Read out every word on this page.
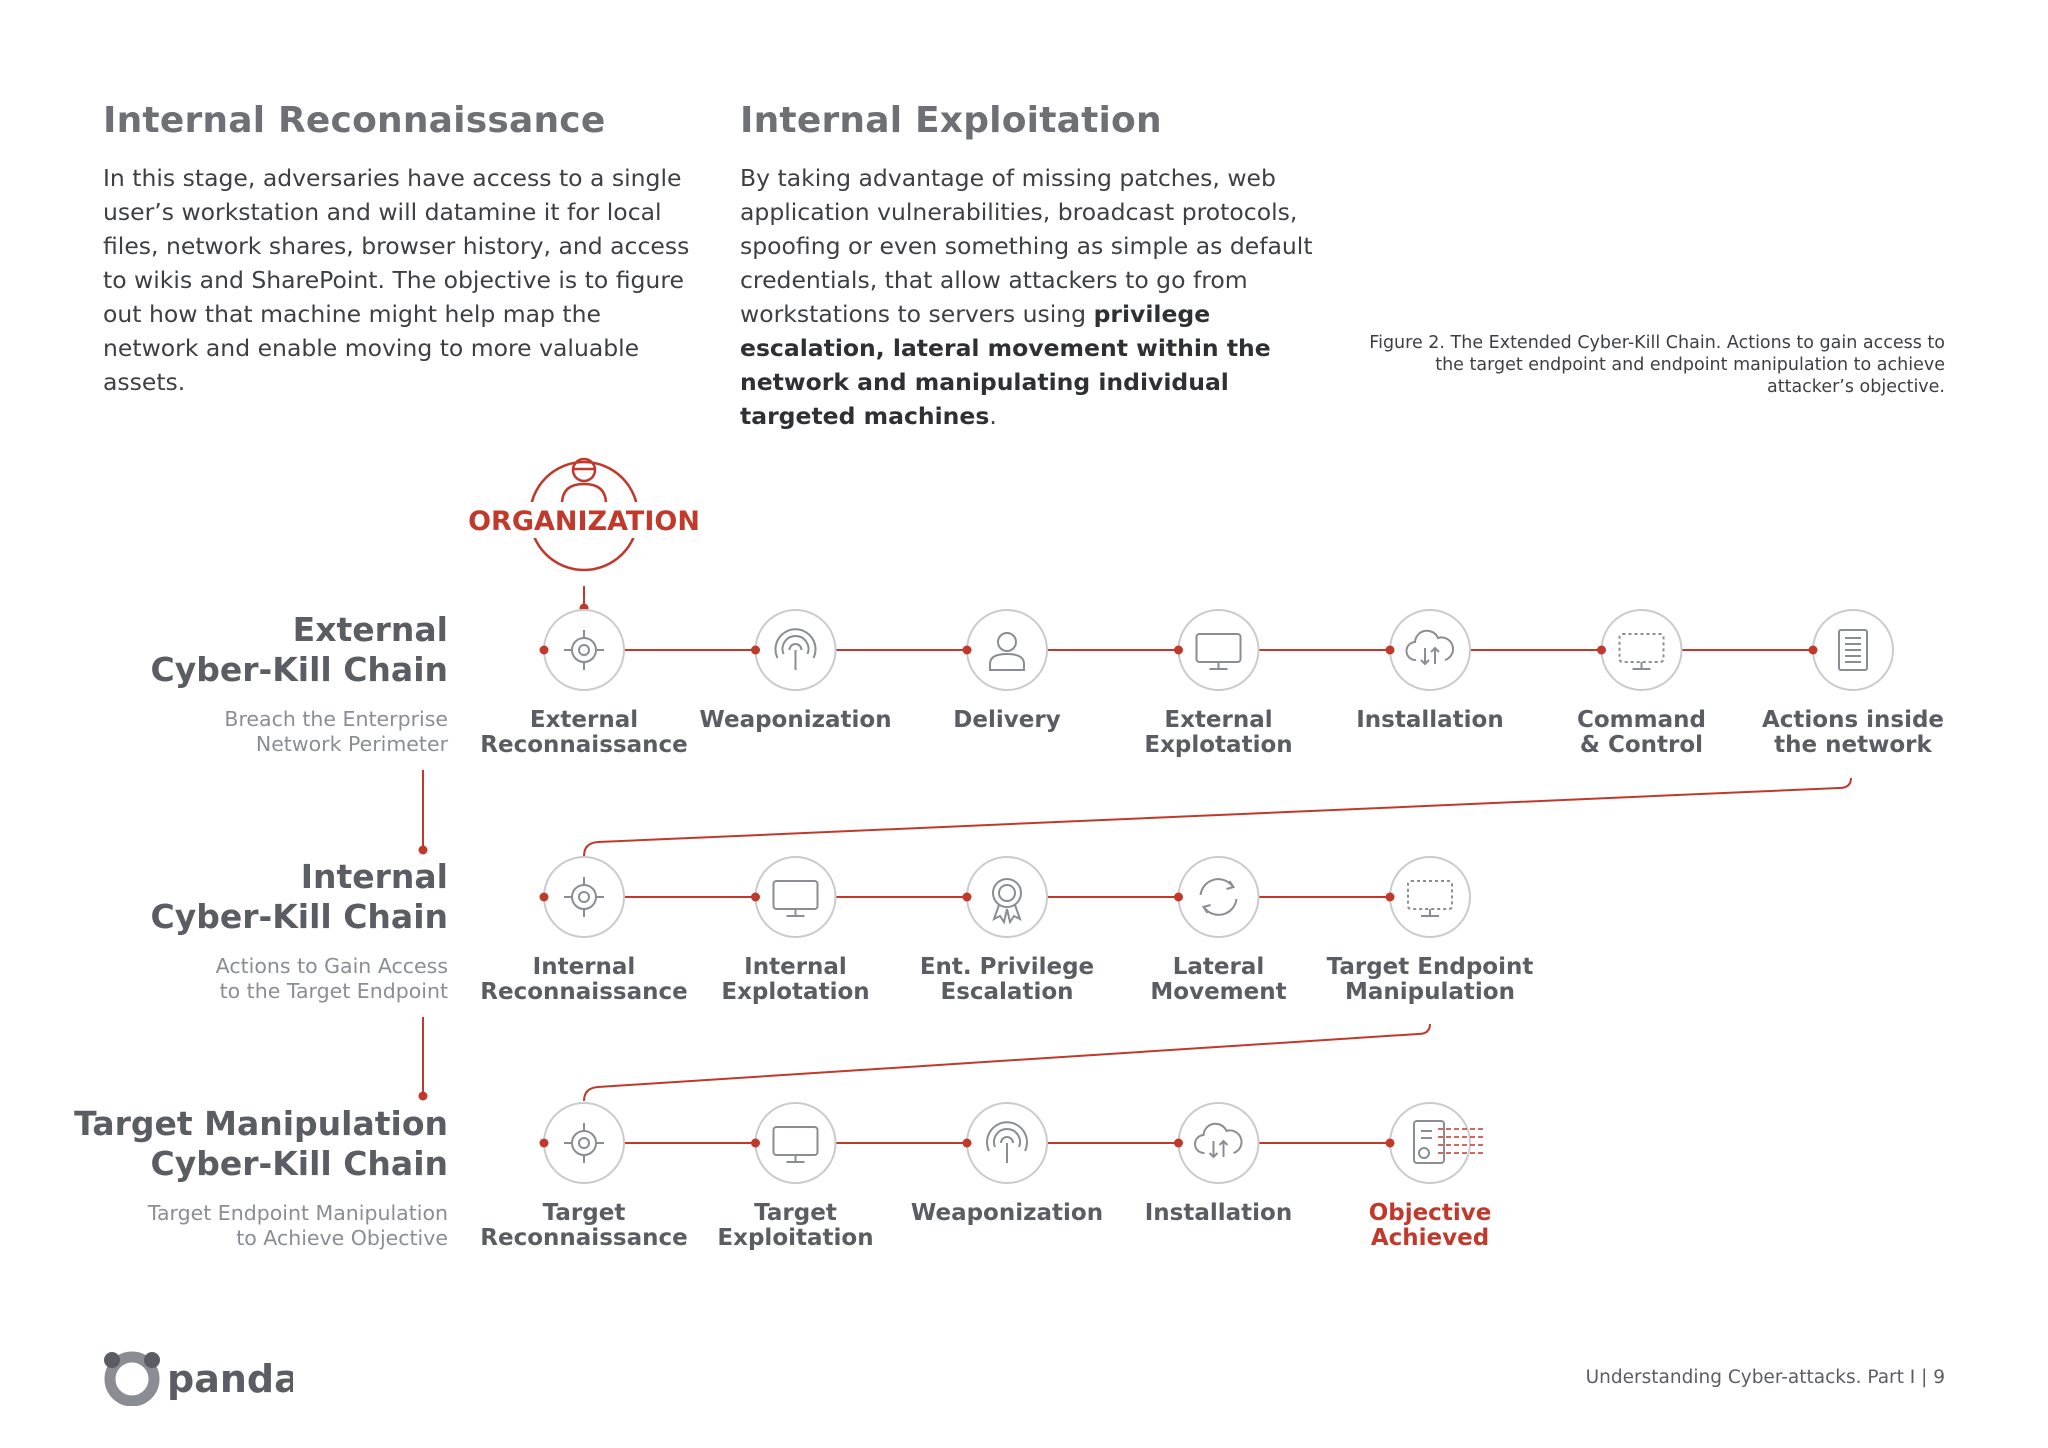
Internal Reconnaissance

In this stage, adversaries have access to a single user’s workstation and will datamine it for local files, network shares, browser history, and access to wikis and SharePoint. The objective is to figure out how that machine might help map the network and enable moving to more valuable assets.

Internal Exploitation

By taking advantage of missing patches, web application vulnerabilities, broadcast protocols, spoofing or even something as simple as default credentials, that allow attackers to go from workstations to servers using privilege escalation, lateral movement within the network and manipulating individual targeted machines.

Figure 2. The Extended Cyber-Kill Chain. Actions to gain access to the target endpoint and endpoint manipulation to achieve attacker’s objective.
ORGANIZATION
External
Cyber-Kill Chain
Breach the Enterprise
Network Perimeter
Internal
Cyber-Kill Chain
Actions to Gain Access
to the Target Endpoint
Target Manipulation
Cyber-Kill Chain
Target Endpoint Manipulation
to Achieve Objective
External
Reconnaissance
Weaponization	Delivery	External
Explotation
Installation	Command
& Control
Actions inside
the network
Internal
Reconnaissance
Internal
Explotation
Ent. Privilege
Escalation
Lateral
Movement
Target Endpoint
Manipulation
Target
Reconnaissance
Target
Exploitation
Weaponization	Installation	Objective
Achieved
panda	Understanding Cyber-attacks. Part I | 9
